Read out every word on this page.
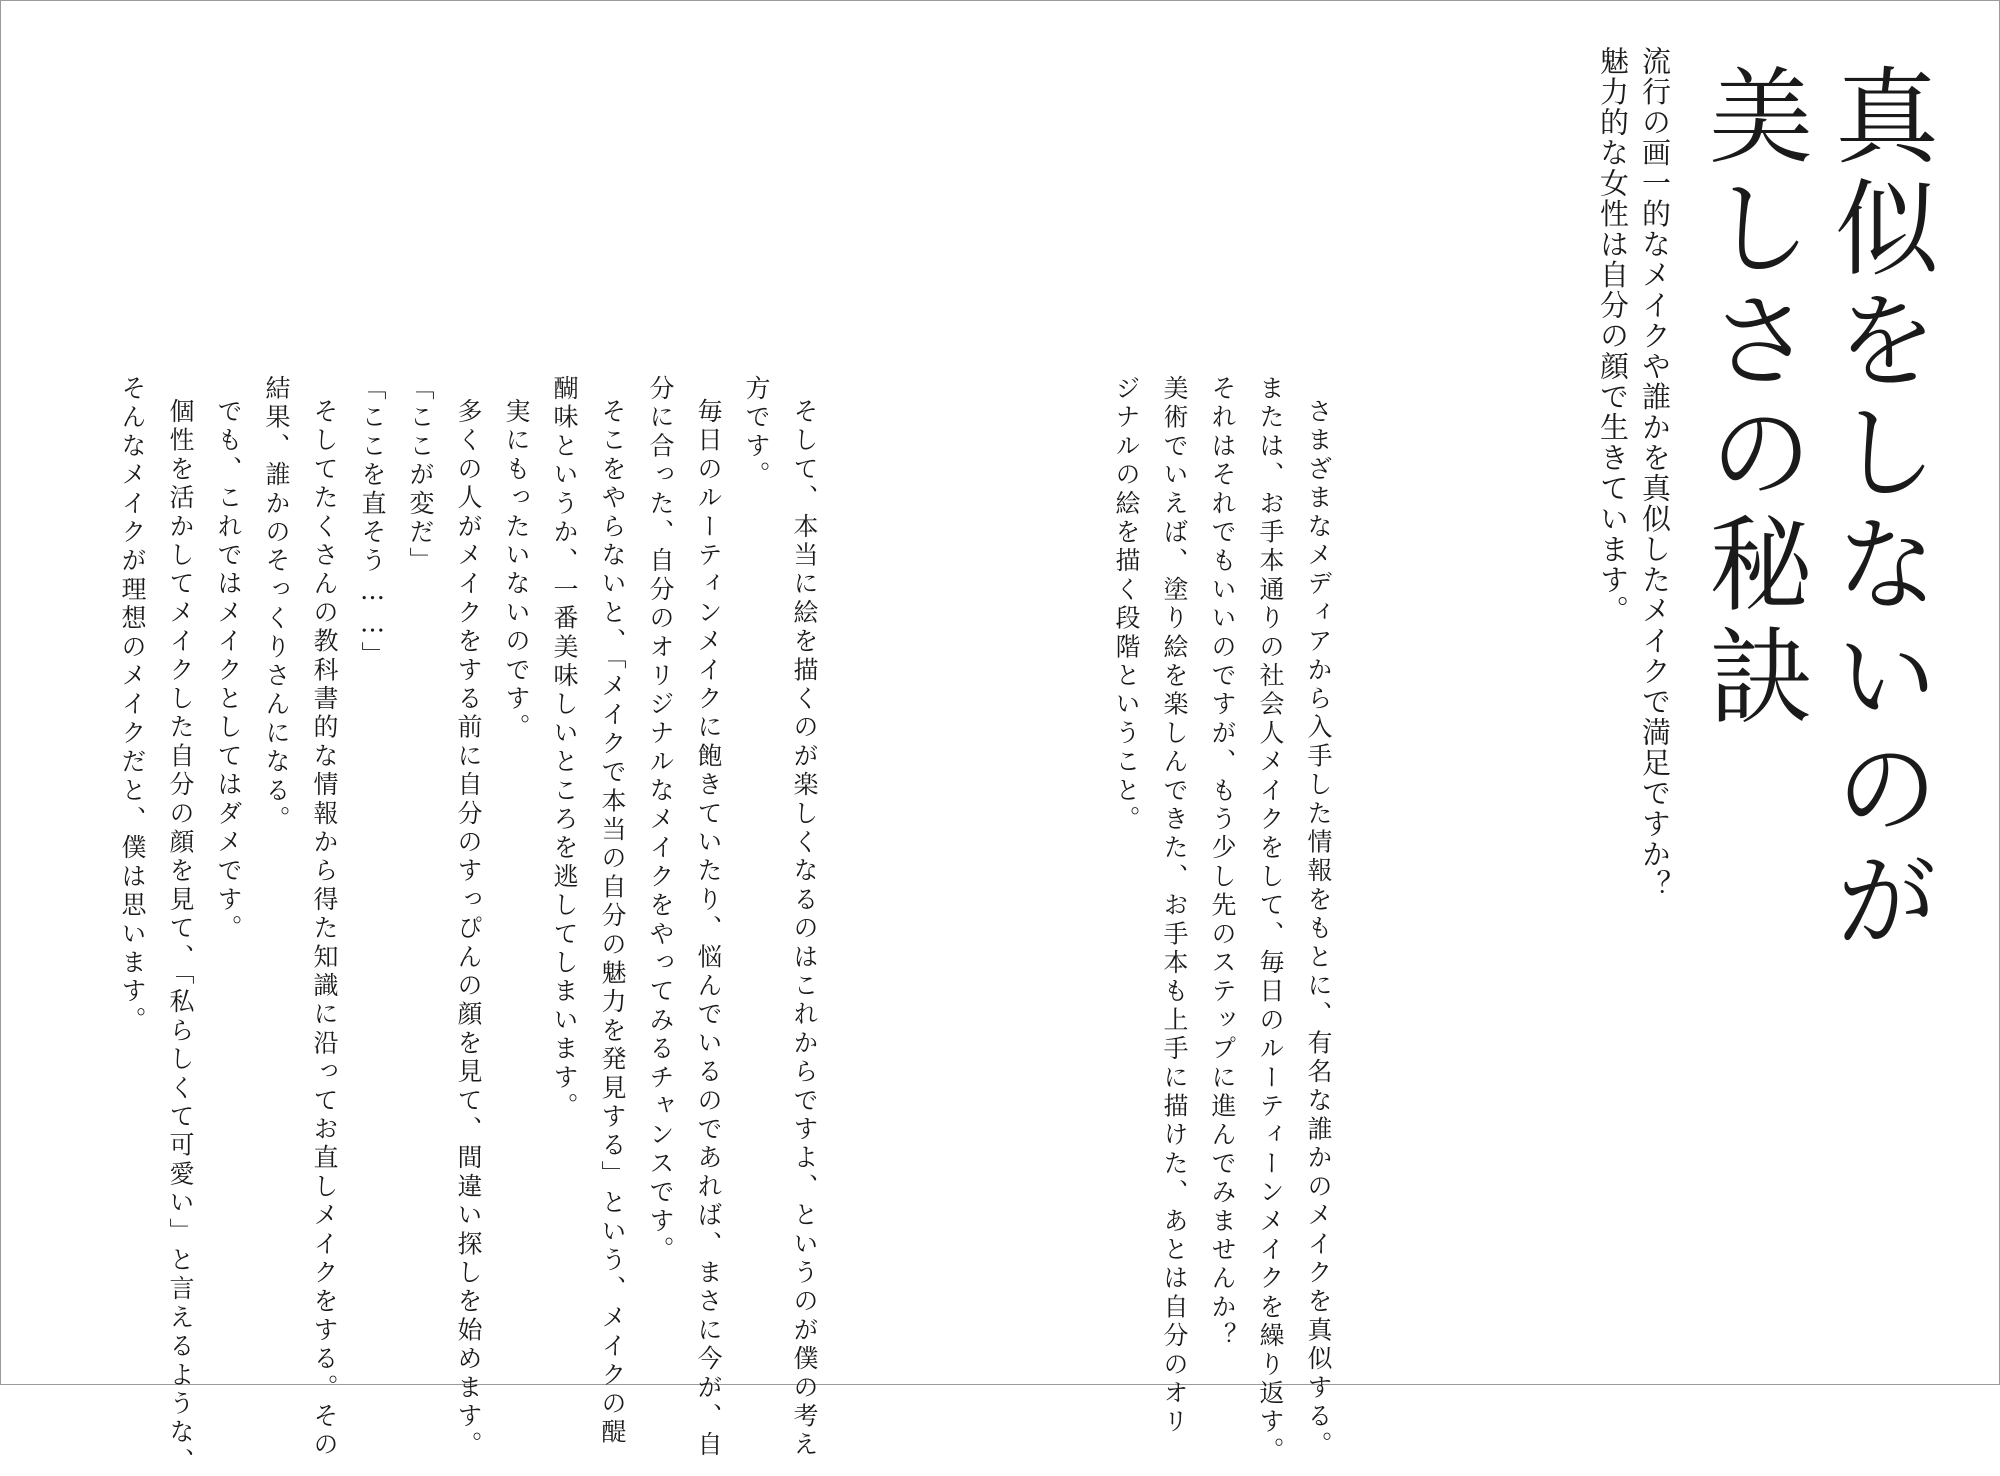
真似をしないのが
美しさの秘訣
流行の画一的なメイクや誰かを真似したメイクで満足ですか？
魅力的な女性は自分の顔で生きています。
さまざまなメディアから入手した情報をもとに、有名な誰かのメイクを真似する。
または、お手本通りの社会人メイクをして、毎日のルーティーンメイクを繰り返す。
それはそれでもいいのですが、もう少し先のステップに進んでみませんか？
美術でいえば、塗り絵を楽しんできた、お手本も上手に描けた、あとは自分のオリ
ジナルの絵を描く段階ということ。
そして、本当に絵を描くのが楽しくなるのはこれからですよ、というのが僕の考え
方です。
毎日のルーティンメイクに飽きていたり、悩んでいるのであれば、まさに今が、自
分に合った、自分のオリジナルなメイクをやってみるチャンスです。
そこをやらないと、「メイクで本当の自分の魅力を発見する」という、メイクの醍
醐味というか、一番美味しいところを逃してしまいます。
実にもったいないのです。
多くの人がメイクをする前に自分のすっぴんの顔を見て、間違い探しを始めます。
「ここが変だ」
「ここを直そう……」
そしてたくさんの教科書的な情報から得た知識に沿ってお直しメイクをする。その
結果、誰かのそっくりさんになる。
でも、これではメイクとしてはダメです。
個性を活かしてメイクした自分の顔を見て、「私らしくて可愛い」と言えるような、
そんなメイクが理想のメイクだと、僕は思います。
